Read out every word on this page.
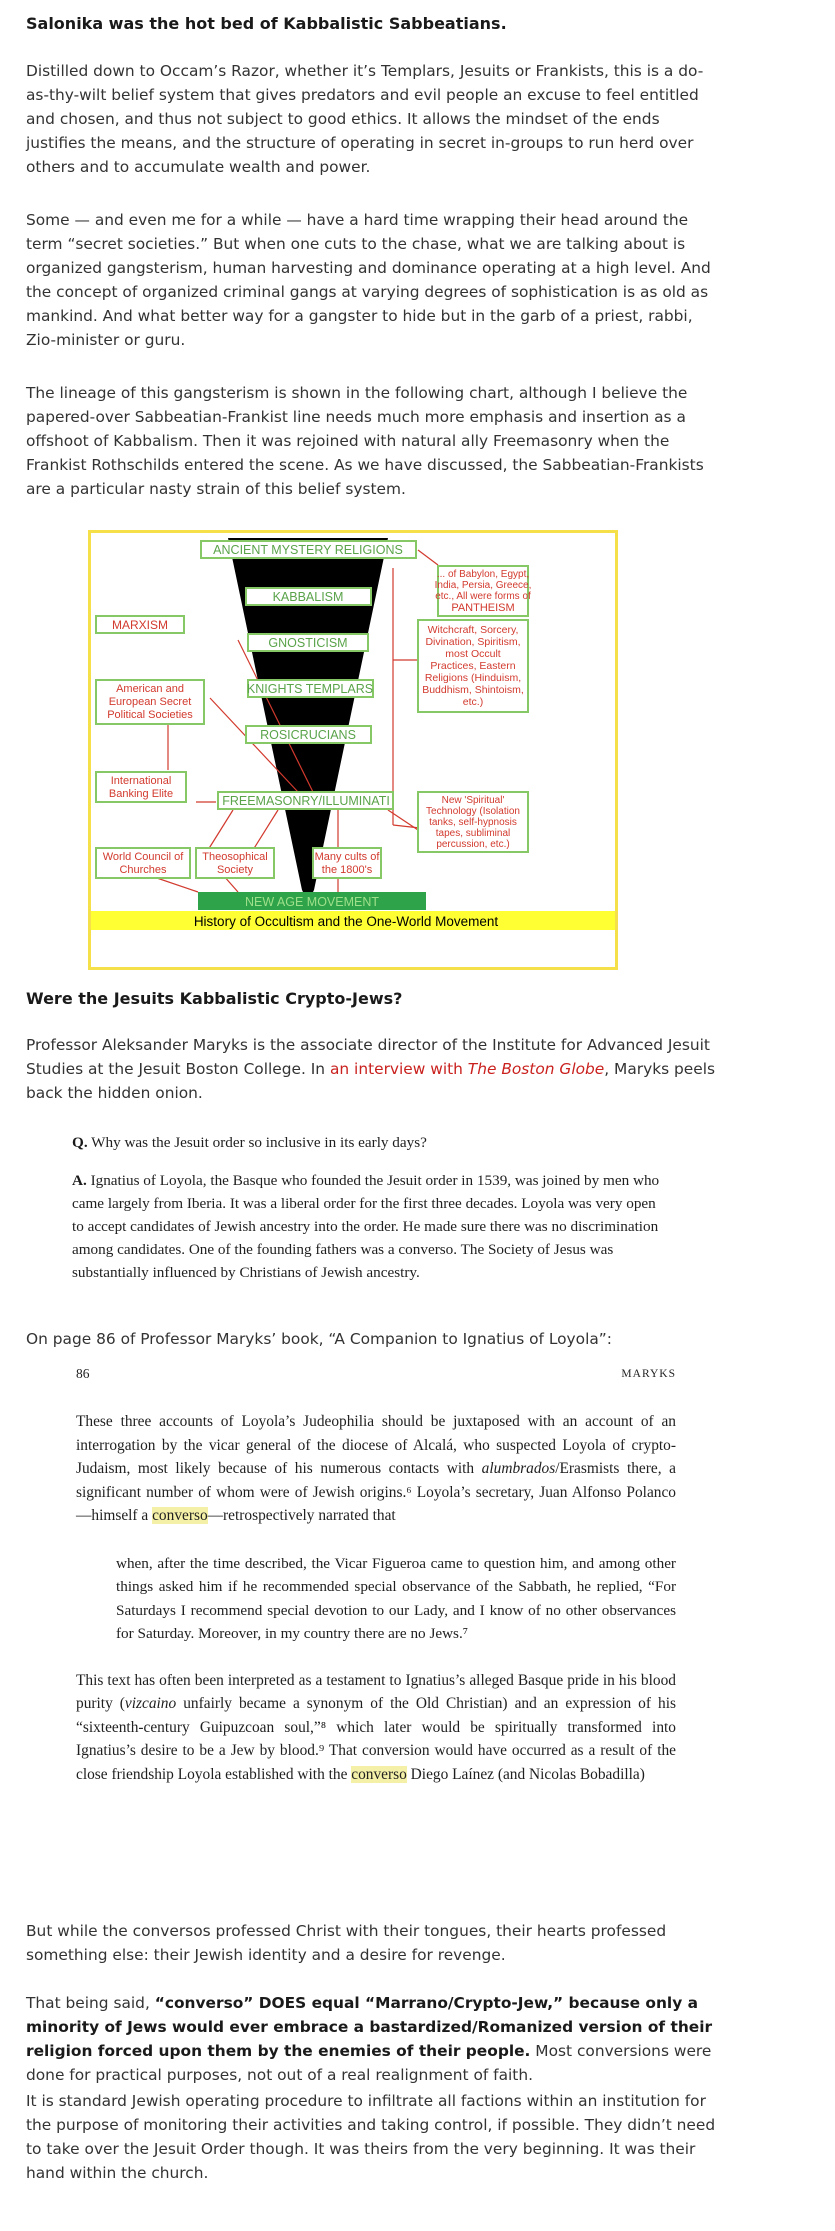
Salonika was the hot bed of Kabbalistic Sabbeatians.

Distilled down to Occam’s Razor, whether it’s Templars, Jesuits or Frankists, this is a do-as-thy-wilt belief system that gives predators and evil people an excuse to feel entitled and chosen, and thus not subject to good ethics. It allows the mindset of the ends justifies the means, and the structure of operating in secret in-groups to run herd over others and to accumulate wealth and power.

Some — and even me for a while — have a hard time wrapping their head around the term “secret societies.” But when one cuts to the chase, what we are talking about is organized gangsterism, human harvesting and dominance operating at a high level. And the concept of organized criminal gangs at varying degrees of sophistication is as old as mankind. And what better way for a gangster to hide but in the garb of a priest, rabbi, Zio-minister or guru.

The lineage of this gangsterism is shown in the following chart, although I believe the papered-over Sabbeatian-Frankist line needs much more emphasis and insertion as a offshoot of Kabbalism. Then it was rejoined with natural ally Freemasonry when the Frankist Rothschilds entered the scene. As we have discussed, the Sabbeatian-Frankists are a particular nasty strain of this belief system.

Were the Jesuits Kabbalistic Crypto-Jews?

Professor Aleksander Maryks is the associate director of the Institute for Advanced Jesuit Studies at the Jesuit Boston College. In an interview with The Boston Globe, Maryks peels back the hidden onion.

Q. Why was the Jesuit order so inclusive in its early days?

A. Ignatius of Loyola, the Basque who founded the Jesuit order in 1539, was joined by men who came largely from Iberia. It was a liberal order for the first three decades. Loyola was very open to accept candidates of Jewish ancestry into the order. He made sure there was no discrimination among candidates. One of the founding fathers was a converso. The Society of Jesus was substantially influenced by Christians of Jewish ancestry.

On page 86 of Professor Maryks’ book, “A Companion to Ignatius of Loyola”:

86	MARYKS

These three accounts of Loyola’s Judeophilia should be juxtaposed with an account of an interrogation by the vicar general of the diocese of Alcalá, who suspected Loyola of crypto-Judaism, most likely because of his numerous contacts with alumbrados/Erasmists there, a significant number of whom were of Jewish origins.⁶ Loyola’s secretary, Juan Alfonso Polanco—himself a converso—retrospectively narrated that

when, after the time described, the Vicar Figueroa came to question him, and among other things asked him if he recommended special observance of the Sabbath, he replied, “For Saturdays I recommend special devotion to our Lady, and I know of no other observances for Saturday. Moreover, in my country there are no Jews.⁷

This text has often been interpreted as a testament to Ignatius’s alleged Basque pride in his blood purity (vizcaino unfairly became a synonym of the Old Christian) and an expression of his “sixteenth-century Guipuzcoan soul,”⁸ which later would be spiritually transformed into Ignatius’s desire to be a Jew by blood.⁹ That conversion would have occurred as a result of the close friendship Loyola established with the converso Diego Laínez (and Nicolas Bobadilla)

But while the conversos professed Christ with their tongues, their hearts professed something else: their Jewish identity and a desire for revenge.

That being said, “converso” DOES equal “Marrano/Crypto-Jew,” because only a minority of Jews would ever embrace a bastardized/Romanized version of their religion forced upon them by the enemies of their people. Most conversions were done for practical purposes, not out of a real realignment of faith.

It is standard Jewish operating procedure to infiltrate all factions within an institution for the purpose of monitoring their activities and taking control, if possible. They didn’t need to take over the Jesuit Order though. It was theirs from the very beginning. It was their hand within the church.

ANCIENT MYSTERY RELIGIONS
KABBALISM
GNOSTICISM
KNIGHTS TEMPLARS
ROSICRUCIANS
FREEMASONRY/ILLUMINATI
NEW AGE MOVEMENT
History of Occultism and the One-World Movement
MARXISM
American and
European Secret
Political Societies
International
Banking Elite
World Council of
Churches
Theosophical
Society
Many cults of
the 1800's
... of Babylon, Egypt,
India, Persia, Greece,
etc., All were forms of
PANTHEISM
Witchcraft, Sorcery,
Divination, Spiritism,
most Occult
Practices, Eastern
Religions (Hinduism,
Buddhism, Shintoism,
etc.)
New 'Spiritual'
Technology (Isolation
tanks, self-hypnosis
tapes, subliminal
percussion, etc.)
